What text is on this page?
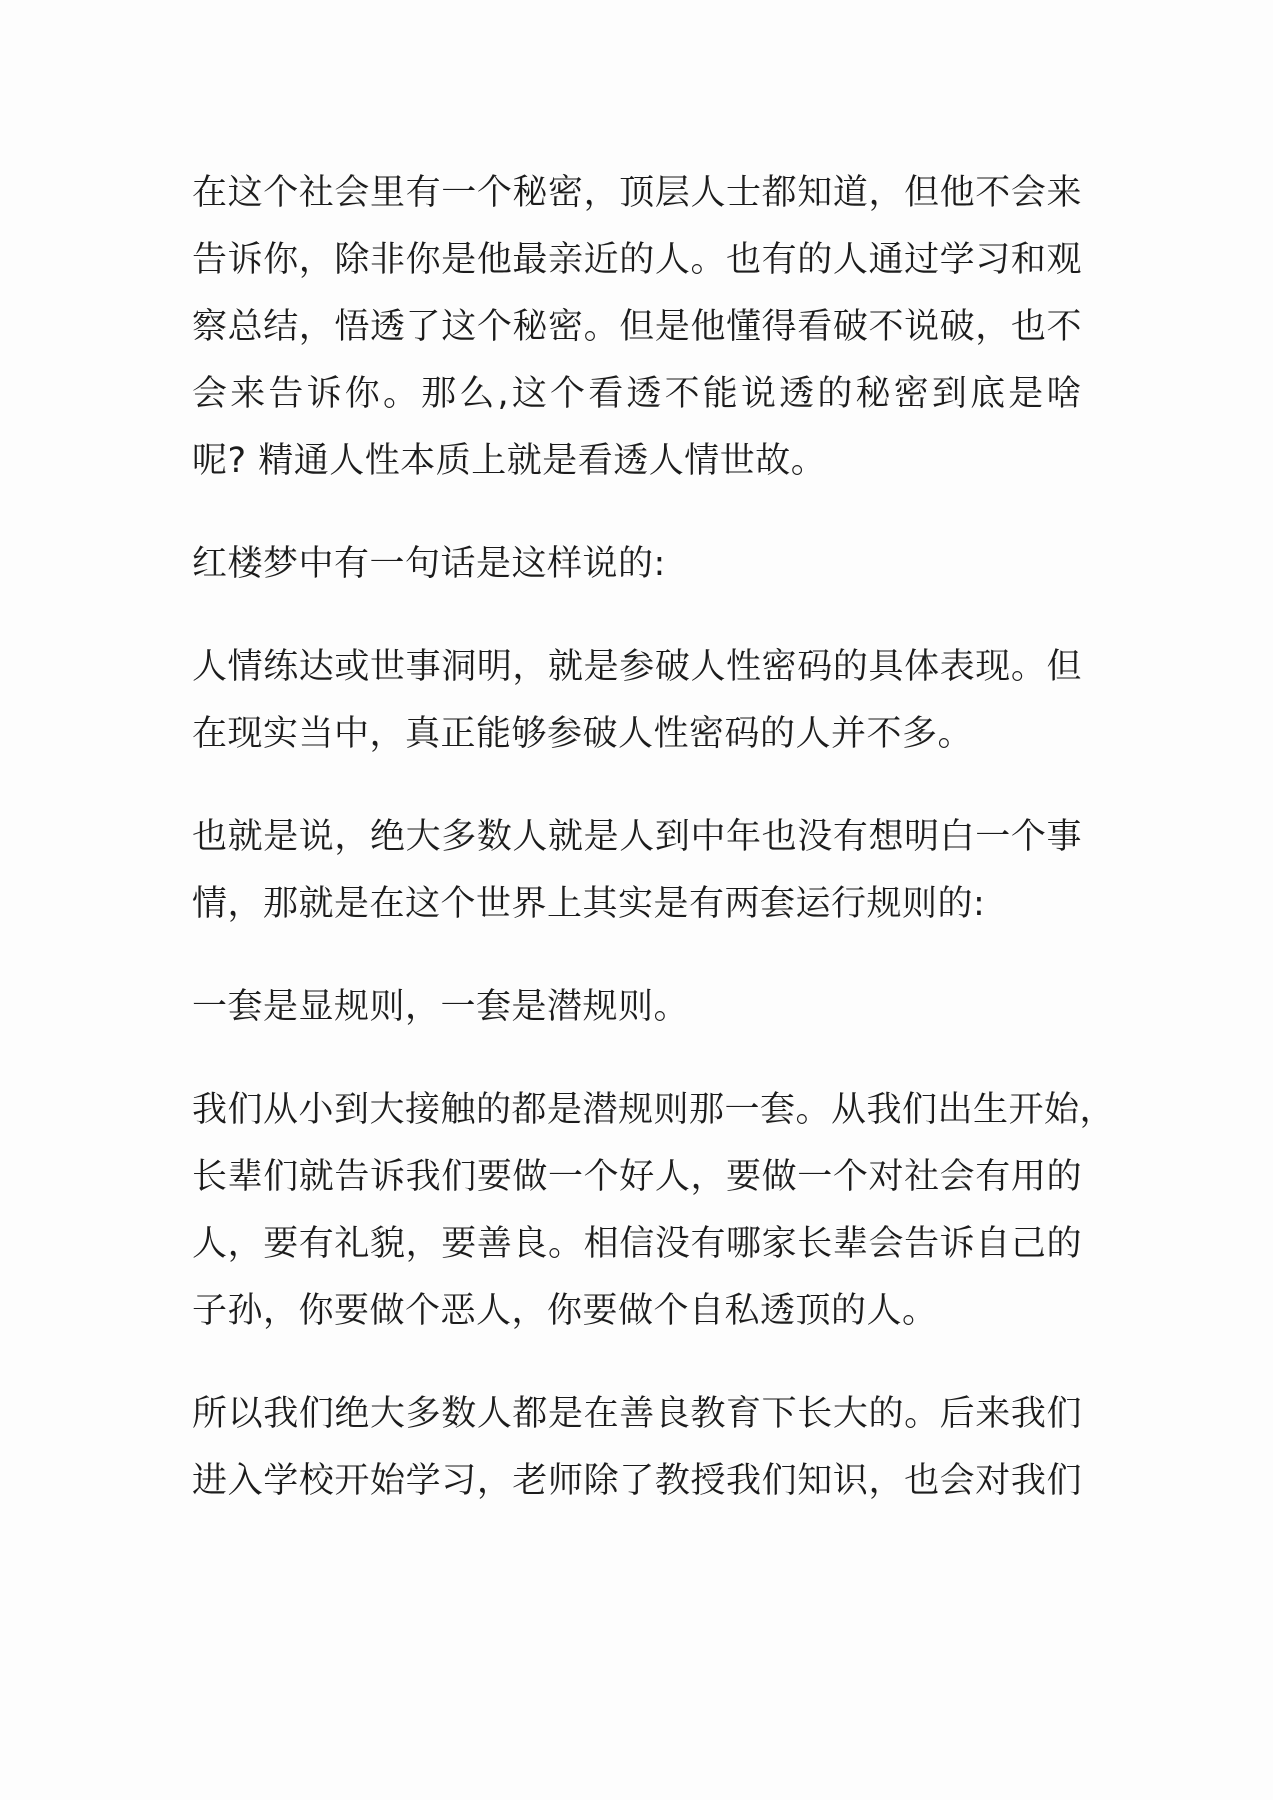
在这个社会里有一个秘密，顶层人士都知道，但他不会来
告诉你，除非你是他最亲近的人。也有的人通过学习和观
察总结，悟透了这个秘密。但是他懂得看破不说破，也不
会来告诉你。那么,这个看透不能说透的秘密到底是啥
呢? 精通人性本质上就是看透人情世故。

红楼梦中有一句话是这样说的:

人情练达或世事洞明，就是参破人性密码的具体表现。但
在现实当中，真正能够参破人性密码的人并不多。

也就是说，绝大多数人就是人到中年也没有想明白一个事
情，那就是在这个世界上其实是有两套运行规则的:

一套是显规则，一套是潜规则。

我们从小到大接触的都是潜规则那一套。从我们出生开始，
长辈们就告诉我们要做一个好人，要做一个对社会有用的
人，要有礼貌，要善良。相信没有哪家长辈会告诉自己的
子孙，你要做个恶人，你要做个自私透顶的人。

所以我们绝大多数人都是在善良教育下长大的。后来我们
进入学校开始学习，老师除了教授我们知识，也会对我们
